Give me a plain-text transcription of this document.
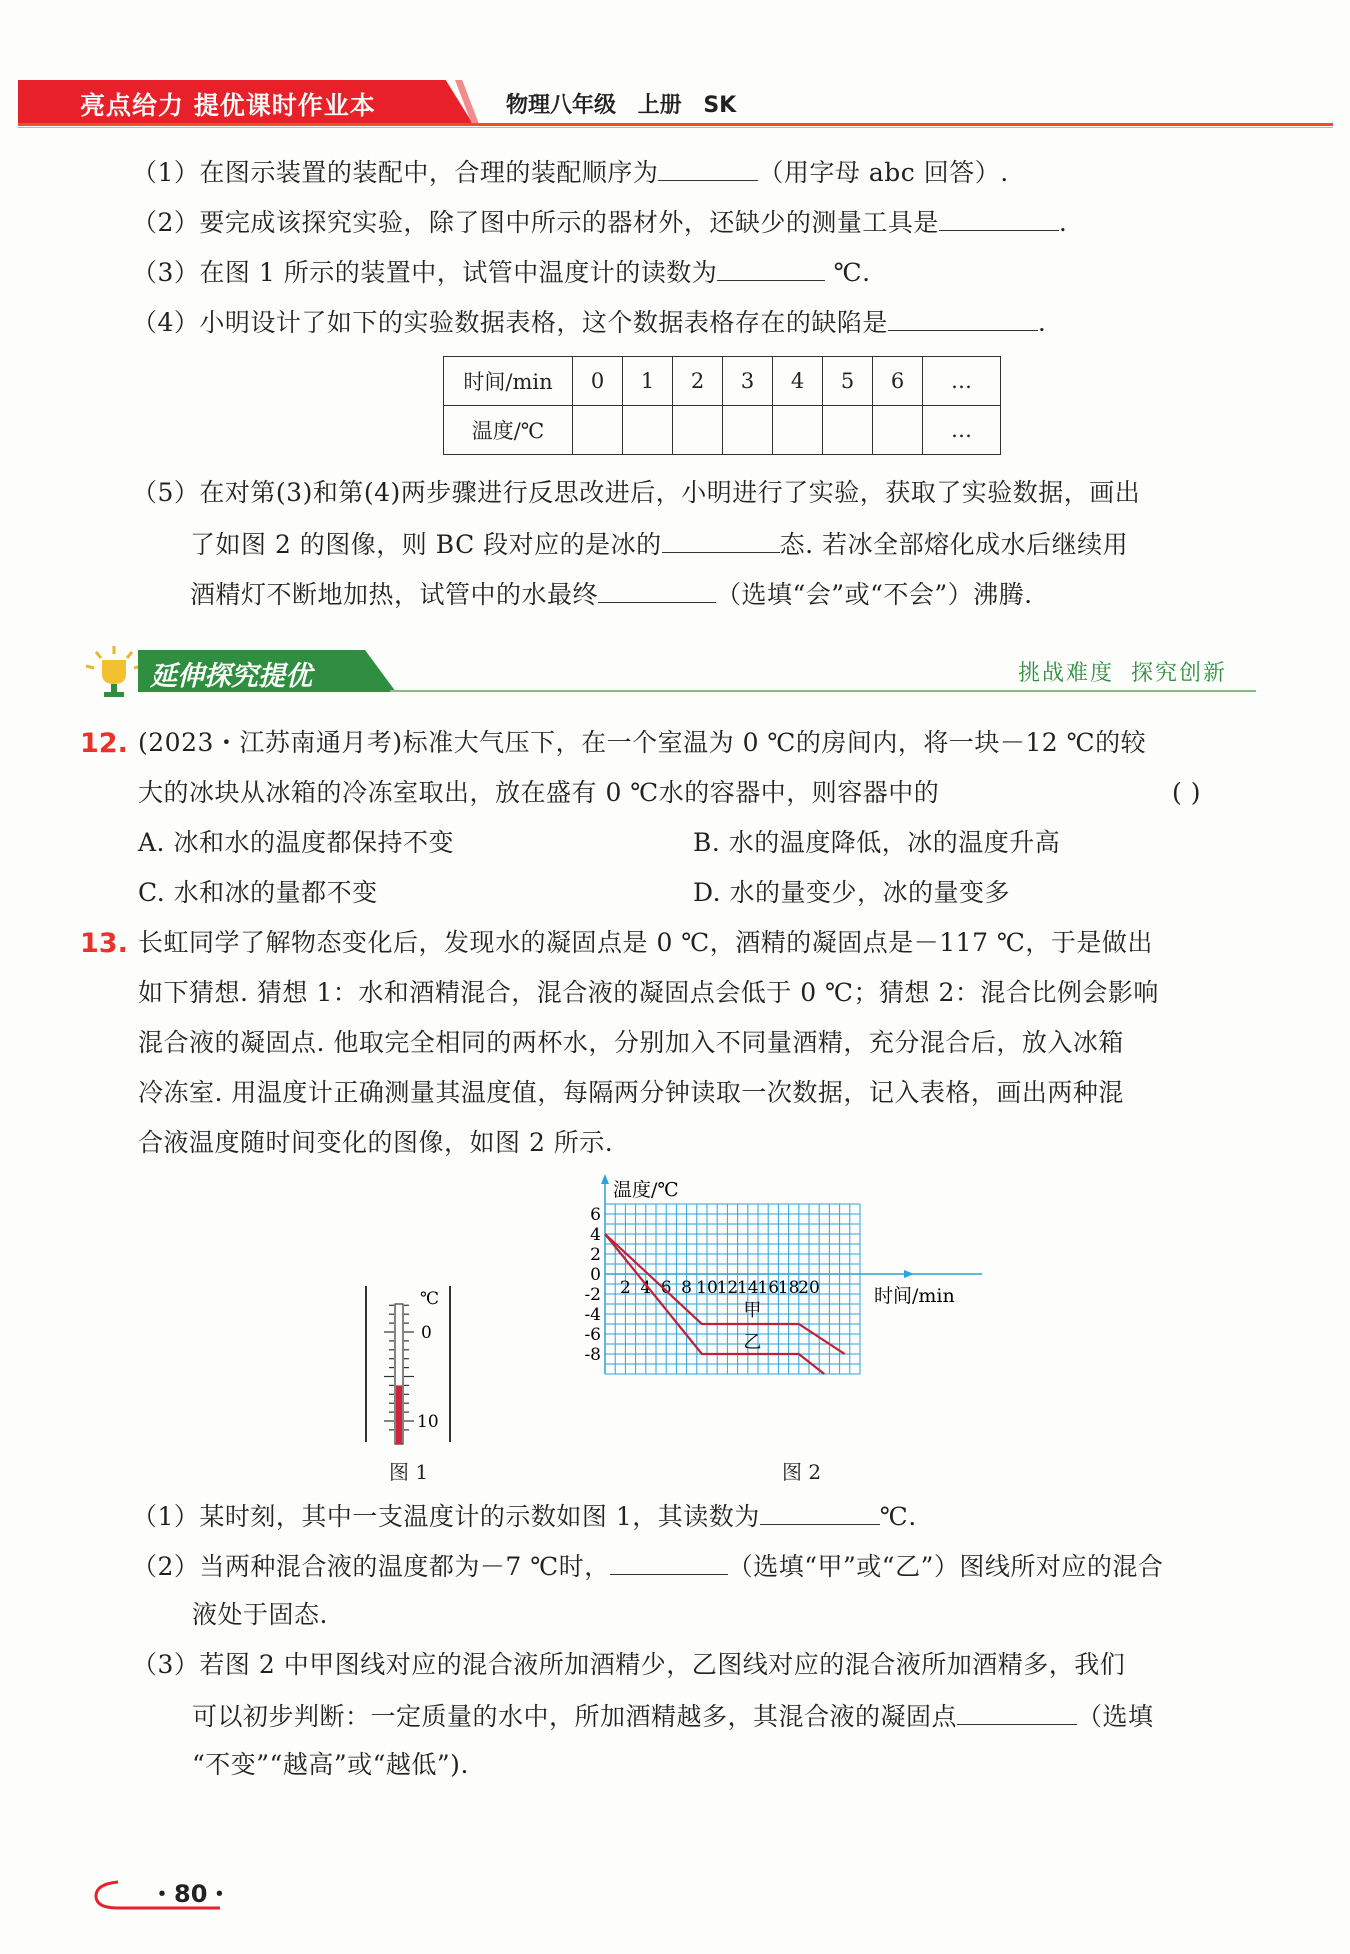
亮点给力 提优课时作业本	物理八年级 上册 SK
（1）在图示装置的装配中，合理的装配顺序为	（用字母 abc 回答）.
（2）要完成该探究实验，除了图中所示的器材外，还缺少的测量工具是	.
（3）在图 1 所示的装置中，试管中温度计的读数为	℃.
（4）小明设计了如下的实验数据表格，这个数据表格存在的缺陷是	.
时间/min	0	1	2	3	4	5	6	…
温度/℃								…
（5）在对第(3)和第(4)两步骤进行反思改进后，小明进行了实验，获取了实验数据，画出
了如图 2 的图像，则 BC 段对应的是冰的	态. 若冰全部熔化成水后继续用
酒精灯不断地加热，试管中的水最终	（选填“会”或“不会”）沸腾.
延伸探究提优	挑战难度 探究创新
12. (2023・江苏南通月考)标准大气压下，在一个室温为 0 ℃的房间内，将一块－12 ℃的较
大的冰块从冰箱的冷冻室取出，放在盛有 0 ℃水的容器中，则容器中的	( )
A. 冰和水的温度都保持不变	B. 水的温度降低，冰的温度升高
C. 水和冰的量都不变	D. 水的量变少，冰的量变多
13. 长虹同学了解物态变化后，发现水的凝固点是 0 ℃，酒精的凝固点是－117 ℃，于是做出
如下猜想. 猜想 1：水和酒精混合，混合液的凝固点会低于 0 ℃；猜想 2：混合比例会影响
混合液的凝固点. 他取完全相同的两杯水，分别加入不同量酒精，充分混合后，放入冰箱
冷冻室. 用温度计正确测量其温度值，每隔两分钟读取一次数据，记入表格，画出两种混
合液温度随时间变化的图像，如图 2 所示.
℃
0
10
图 1
温度/℃
时间/min
6
4
2
0
-2
-4
-6
-8
2 4 6 8 10
12
14
16
18
20
甲
乙
图 2
（1）某时刻，其中一支温度计的示数如图 1，其读数为	℃.
（2）当两种混合液的温度都为－7 ℃时，	（选填“甲”或“乙”）图线所对应的混合
液处于固态.
（3）若图 2 中甲图线对应的混合液所加酒精少，乙图线对应的混合液所加酒精多，我们
可以初步判断：一定质量的水中，所加酒精越多，其混合液的凝固点	（选填
“不变”“越高”或“越低”).
・80・
